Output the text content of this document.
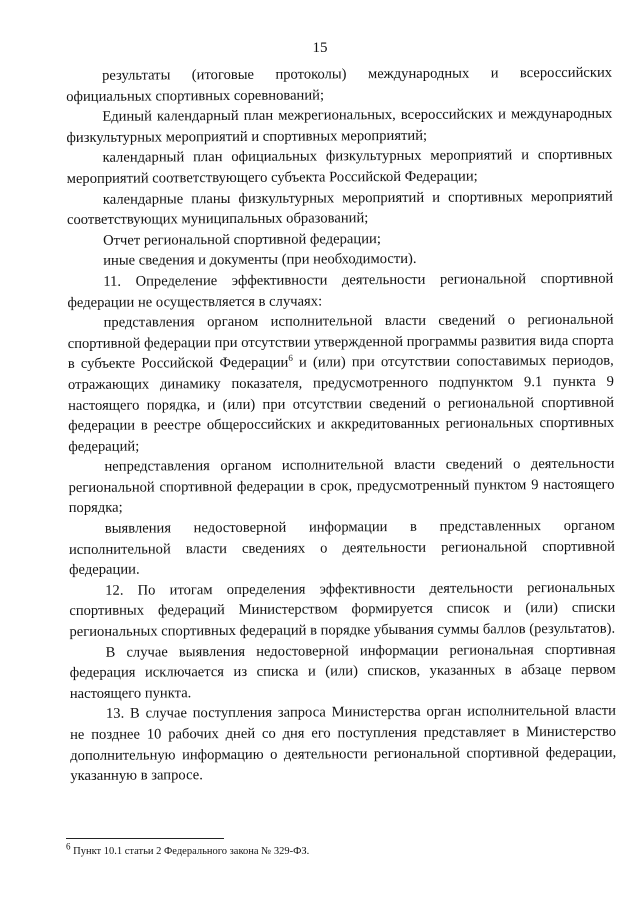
15

результаты (итоговые протоколы) международных и всероссийских официальных спортивных соревнований;

Единый календарный план межрегиональных, всероссийских и международных физкультурных мероприятий и спортивных мероприятий;

календарный план официальных физкультурных мероприятий и спортивных мероприятий соответствующего субъекта Российской Федерации;

календарные планы физкультурных мероприятий и спортивных мероприятий соответствующих муниципальных образований;

Отчет региональной спортивной федерации;

иные сведения и документы (при необходимости).

11. Определение эффективности деятельности региональной спортивной федерации не осуществляется в случаях:

представления органом исполнительной власти сведений о региональной спортивной федерации при отсутствии утвержденной программы развития вида спорта в субъекте Российской Федерации$^6$ и (или) при отсутствии сопоставимых периодов, отражающих динамику показателя, предусмотренного подпунктом 9.1 пункта 9 настоящего порядка, и (или) при отсутствии сведений о региональной спортивной федерации в реестре общероссийских и аккредитованных региональных спортивных федераций;

непредставления органом исполнительной власти сведений о деятельности региональной спортивной федерации в срок, предусмотренный пунктом 9 настоящего порядка;

выявления недостоверной информации в представленных органом исполнительной власти сведениях о деятельности региональной спортивной федерации.

12. По итогам определения эффективности деятельности региональных спортивных федераций Министерством формируется список и (или) списки региональных спортивных федераций в порядке убывания суммы баллов (результатов).

В случае выявления недостоверной информации региональная спортивная федерация исключается из списка и (или) списков, указанных в абзаце первом настоящего пункта.

13. В случае поступления запроса Министерства орган исполнительной власти не позднее 10 рабочих дней со дня его поступления представляет в Министерство дополнительную информацию о деятельности региональной спортивной федерации, указанную в запросе.

$^6$ Пункт 10.1 статьи 2 Федерального закона № 329-ФЗ.
